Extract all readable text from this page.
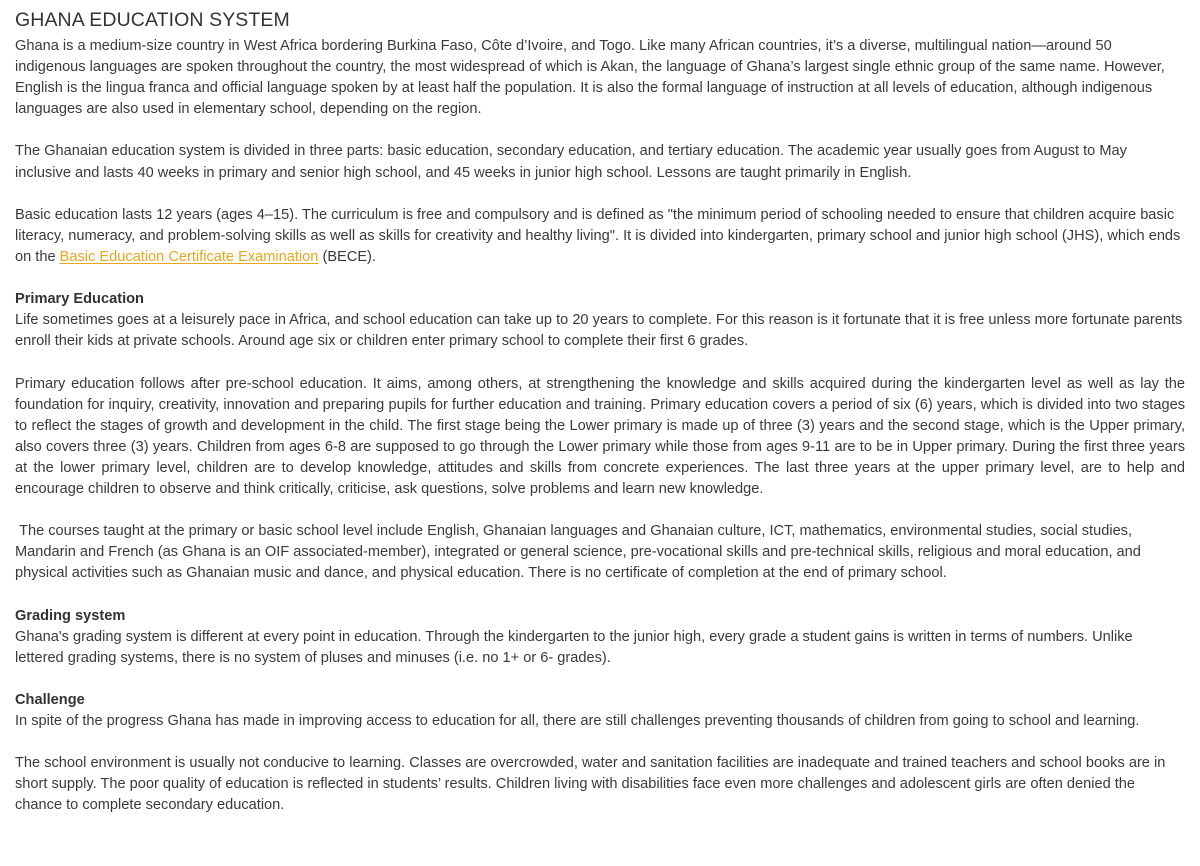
GHANA EDUCATION SYSTEM

Ghana is a medium-size country in West Africa bordering Burkina Faso, Côte d’Ivoire, and Togo. Like many African countries, it’s a diverse, multilingual nation—around 50 indigenous languages are spoken throughout the country, the most widespread of which is Akan, the language of Ghana’s largest single ethnic group of the same name. However, English is the lingua franca and official language spoken by at least half the population. It is also the formal language of instruction at all levels of education, although indigenous languages are also used in elementary school, depending on the region.

The Ghanaian education system is divided in three parts: basic education, secondary education, and tertiary education. The academic year usually goes from August to May inclusive and lasts 40 weeks in primary and senior high school, and 45 weeks in junior high school. Lessons are taught primarily in English.

Basic education lasts 12 years (ages 4–15). The curriculum is free and compulsory and is defined as "the minimum period of schooling needed to ensure that children acquire basic literacy, numeracy, and problem-solving skills as well as skills for creativity and healthy living". It is divided into kindergarten, primary school and junior high school (JHS), which ends on the Basic Education Certificate Examination (BECE).

Primary Education

Life sometimes goes at a leisurely pace in Africa, and school education can take up to 20 years to complete. For this reason is it fortunate that it is free unless more fortunate parents enroll their kids at private schools. Around age six or children enter primary school to complete their first 6 grades.

Primary education follows after pre-school education. It aims, among others, at strengthening the knowledge and skills acquired during the kindergarten level as well as lay the foundation for inquiry, creativity, innovation and preparing pupils for further education and training. Primary education covers a period of six (6) years, which is divided into two stages to reflect the stages of growth and development in the child. The first stage being the Lower primary is made up of three (3) years and the second stage, which is the Upper primary, also covers three (3) years. Children from ages 6-8 are supposed to go through the Lower primary while those from ages 9-11 are to be in Upper primary. During the first three years at the lower primary level, children are to develop knowledge, attitudes and skills from concrete experiences. The last three years at the upper primary level, are to help and encourage children to observe and think critically, criticise, ask questions, solve problems and learn new knowledge.

The courses taught at the primary or basic school level include English, Ghanaian languages and Ghanaian culture, ICT, mathematics, environmental studies, social studies, Mandarin and French (as Ghana is an OIF associated-member), integrated or general science, pre-vocational skills and pre-technical skills, religious and moral education, and physical activities such as Ghanaian music and dance, and physical education. There is no certificate of completion at the end of primary school.

Grading system

Ghana's grading system is different at every point in education. Through the kindergarten to the junior high, every grade a student gains is written in terms of numbers. Unlike lettered grading systems, there is no system of pluses and minuses (i.e. no 1+ or 6- grades).

Challenge

In spite of the progress Ghana has made in improving access to education for all, there are still challenges preventing thousands of children from going to school and learning.

The school environment is usually not conducive to learning. Classes are overcrowded, water and sanitation facilities are inadequate and trained teachers and school books are in short supply. The poor quality of education is reflected in students’ results. Children living with disabilities face even more challenges and adolescent girls are often denied the chance to complete secondary education.
